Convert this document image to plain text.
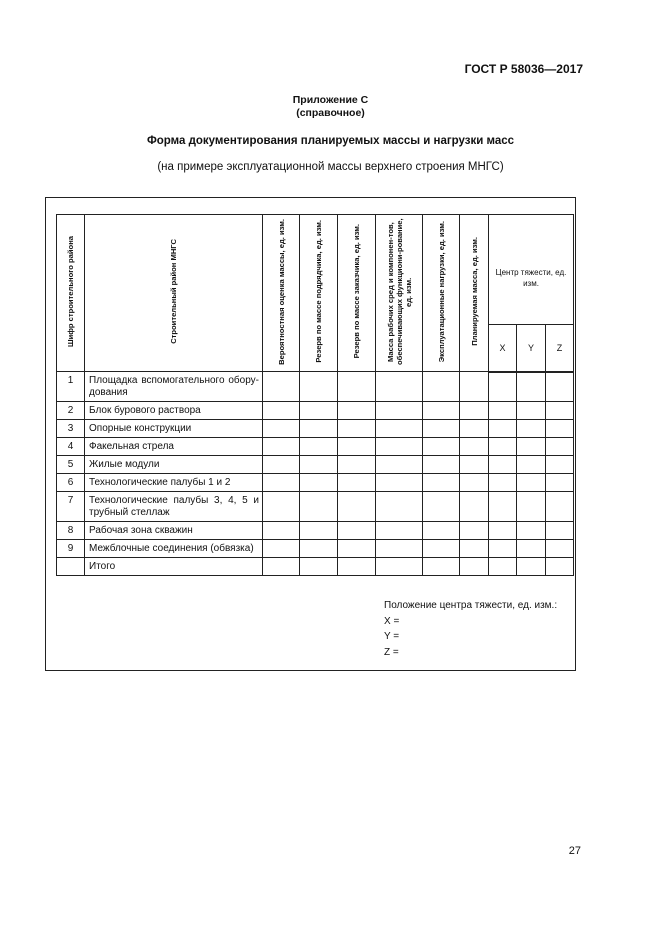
ГОСТ Р 58036—2017
Приложение С
(справочное)
Форма документирования планируемых массы и нагрузки масс
(на примере эксплуатационной массы верхнего строения МНГС)
Шифр строительного района	Строительный район МНГС	Вероятностная оценка массы, ед. изм.	Резерв по массе подрядчика, ед. изм.	Резерв по массе заказчика, ед. изм.	Масса рабочих сред и компонен-тов, обеспечивающих функциони-рование, ед. изм.	Эксплуатационные нагрузки, ед. изм.	Планируемая масса, ед. изм.	Центр тяжести, ед. изм.		
								X	Y	Z
1	Площадка вспомогательного обору-дования									
2	Блок бурового раствора									
3	Опорные конструкции									
4	Факельная стрела									
5	Жилые модули									
6	Технологические палубы 1 и 2									
7	Технологические палубы 3, 4, 5 и трубный стеллаж									
8	Рабочая зона скважин									
9	Межблочные соединения (обвязка)									
	Итого									
Положение центра тяжести, ед. изм.:
X =
Y =
Z =
27
